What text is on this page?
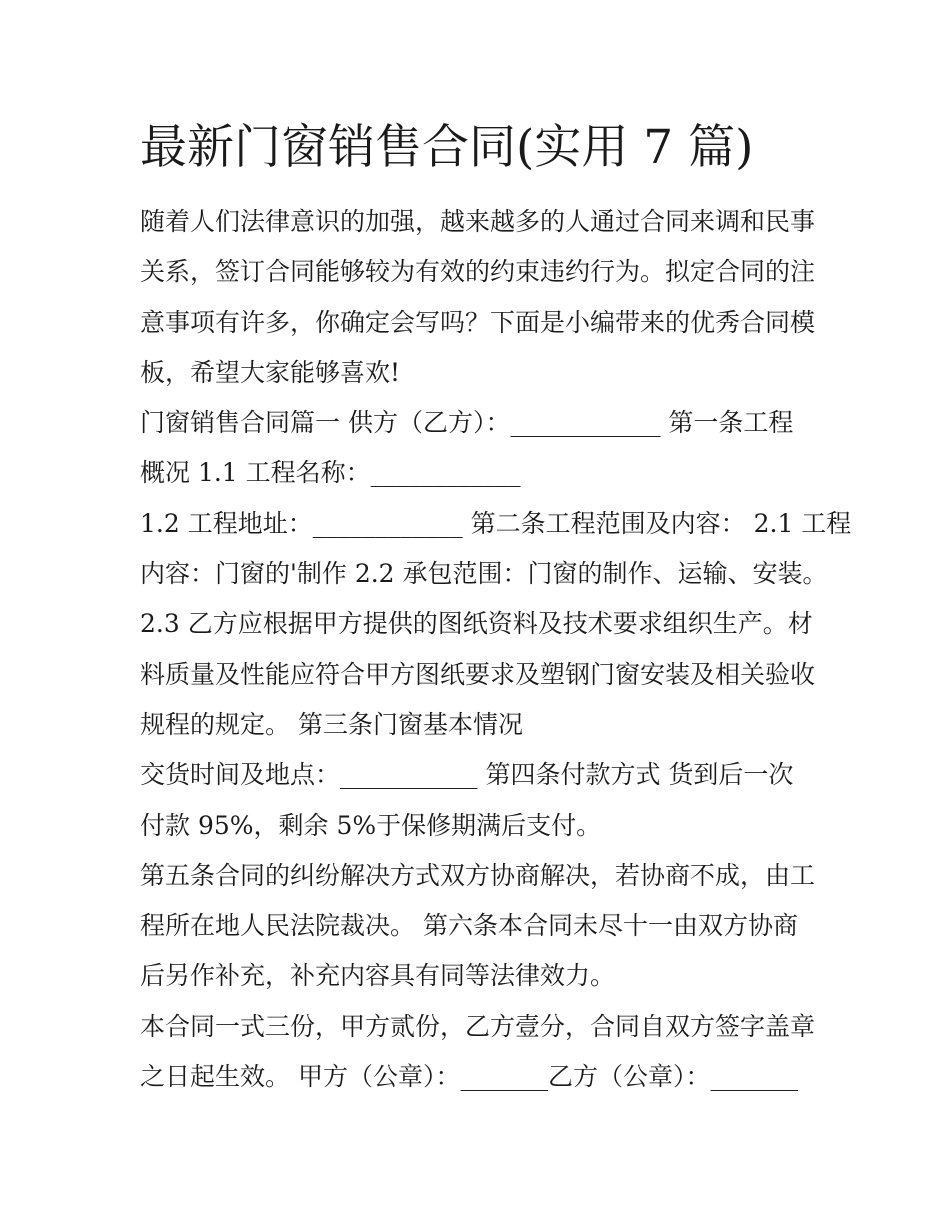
最新门窗销售合同(实用 7 篇)
随着人们法律意识的加强，越来越多的人通过合同来调和民事
关系，签订合同能够较为有效的约束违约行为。拟定合同的注
意事项有许多，你确定会写吗？下面是小编带来的优秀合同模
板，希望大家能够喜欢!
门窗销售合同篇一 供方（乙方）：____________ 第一条工程
概况 1.1 工程名称：____________
1.2 工程地址：____________ 第二条工程范围及内容： 2.1 工程
内容：门窗的'制作 2.2 承包范围：门窗的制作、运输、安装。
2.3 乙方应根据甲方提供的图纸资料及技术要求组织生产。材
料质量及性能应符合甲方图纸要求及塑钢门窗安装及相关验收
规程的规定。 第三条门窗基本情况
交货时间及地点：___________ 第四条付款方式 货到后一次
付款 95%，剩余 5%于保修期满后支付。
第五条合同的纠纷解决方式双方协商解决，若协商不成，由工
程所在地人民法院裁决。 第六条本合同未尽十一由双方协商
后另作补充，补充内容具有同等法律效力。
本合同一式三份，甲方贰份，乙方壹分，合同自双方签字盖章
之日起生效。 甲方（公章）：_______乙方（公章）：_______
